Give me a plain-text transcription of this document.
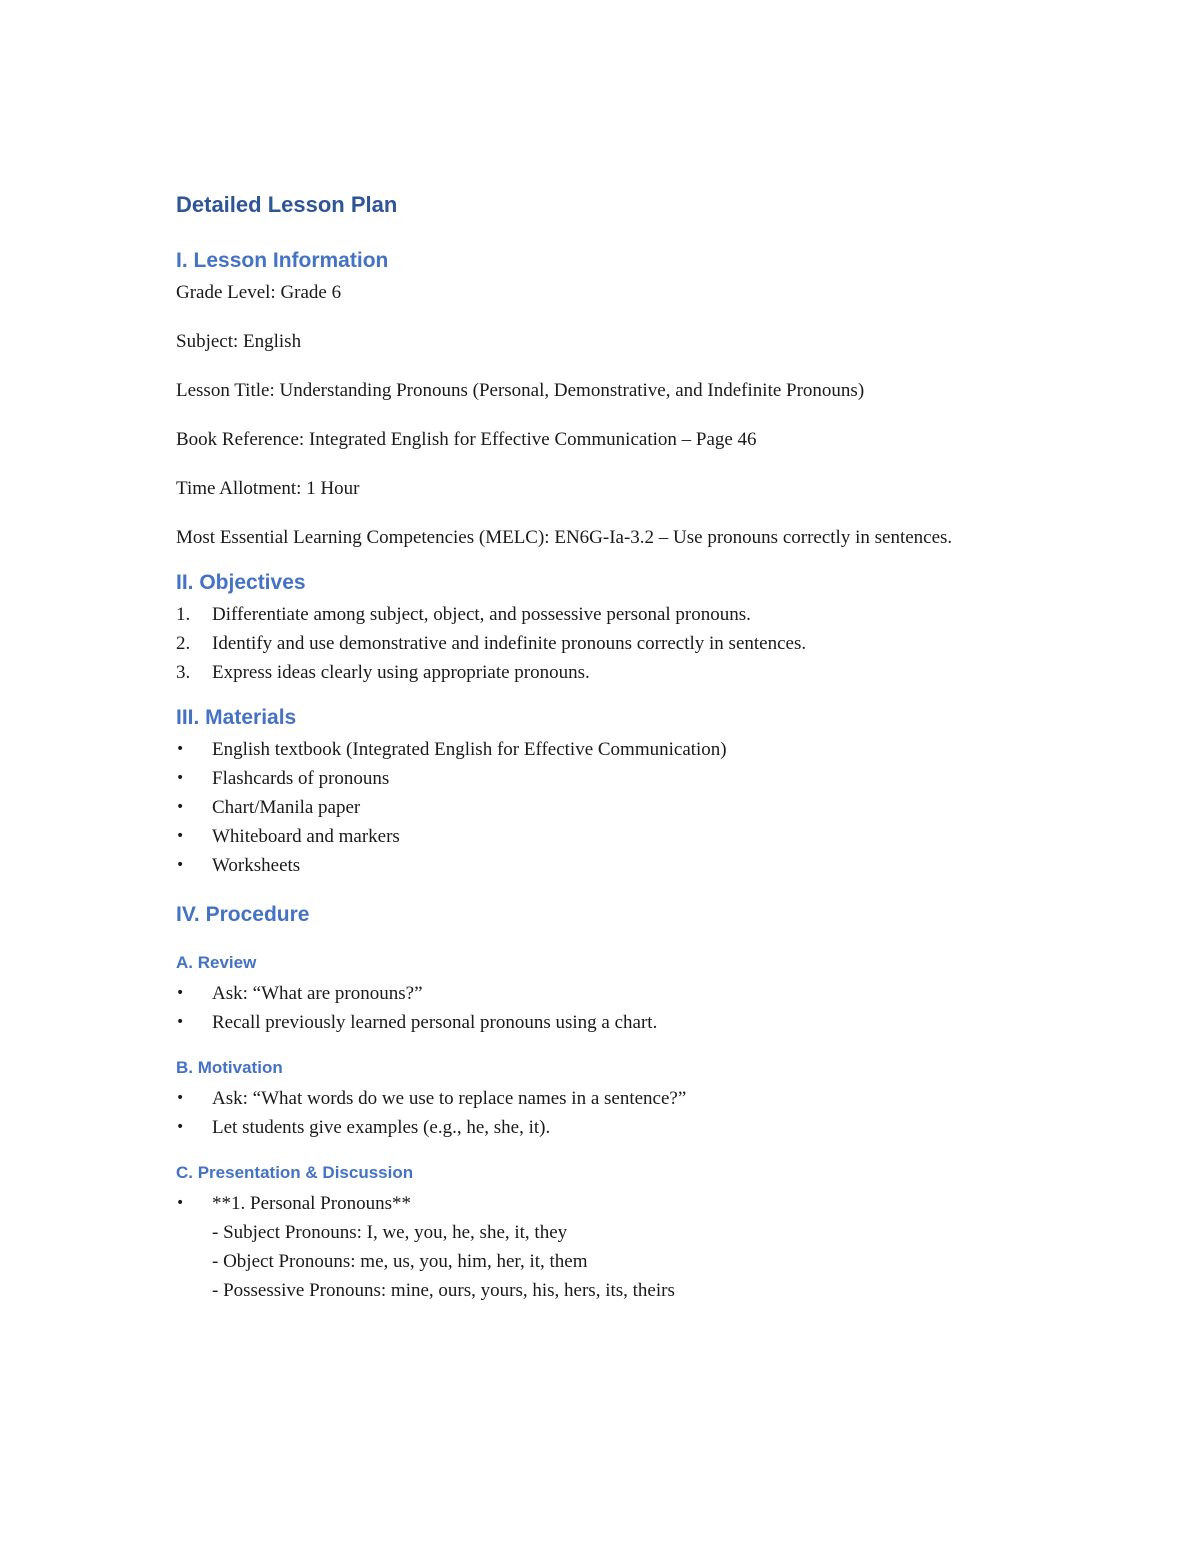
Detailed Lesson Plan
I. Lesson Information

Grade Level: Grade 6

Subject: English

Lesson Title: Understanding Pronouns (Personal, Demonstrative, and Indefinite Pronouns)

Book Reference: Integrated English for Effective Communication – Page 46

Time Allotment: 1 Hour

Most Essential Learning Competencies (MELC): EN6G-Ia-3.2 – Use pronouns correctly in sentences.

II. Objectives
1.	Differentiate among subject, object, and possessive personal pronouns.
2.	Identify and use demonstrative and indefinite pronouns correctly in sentences.
3.	Express ideas clearly using appropriate pronouns.
III. Materials
•	English textbook (Integrated English for Effective Communication)
•	Flashcards of pronouns
•	Chart/Manila paper
•	Whiteboard and markers
•	Worksheets
IV. Procedure
A. Review
•	Ask: “What are pronouns?”
•	Recall previously learned personal pronouns using a chart.
B. Motivation
•	Ask: “What words do we use to replace names in a sentence?”
•	Let students give examples (e.g., he, she, it).
C. Presentation & Discussion
•	**1. Personal Pronouns**
- Subject Pronouns: I, we, you, he, she, it, they
- Object Pronouns: me, us, you, him, her, it, them
- Possessive Pronouns: mine, ours, yours, his, hers, its, theirs
